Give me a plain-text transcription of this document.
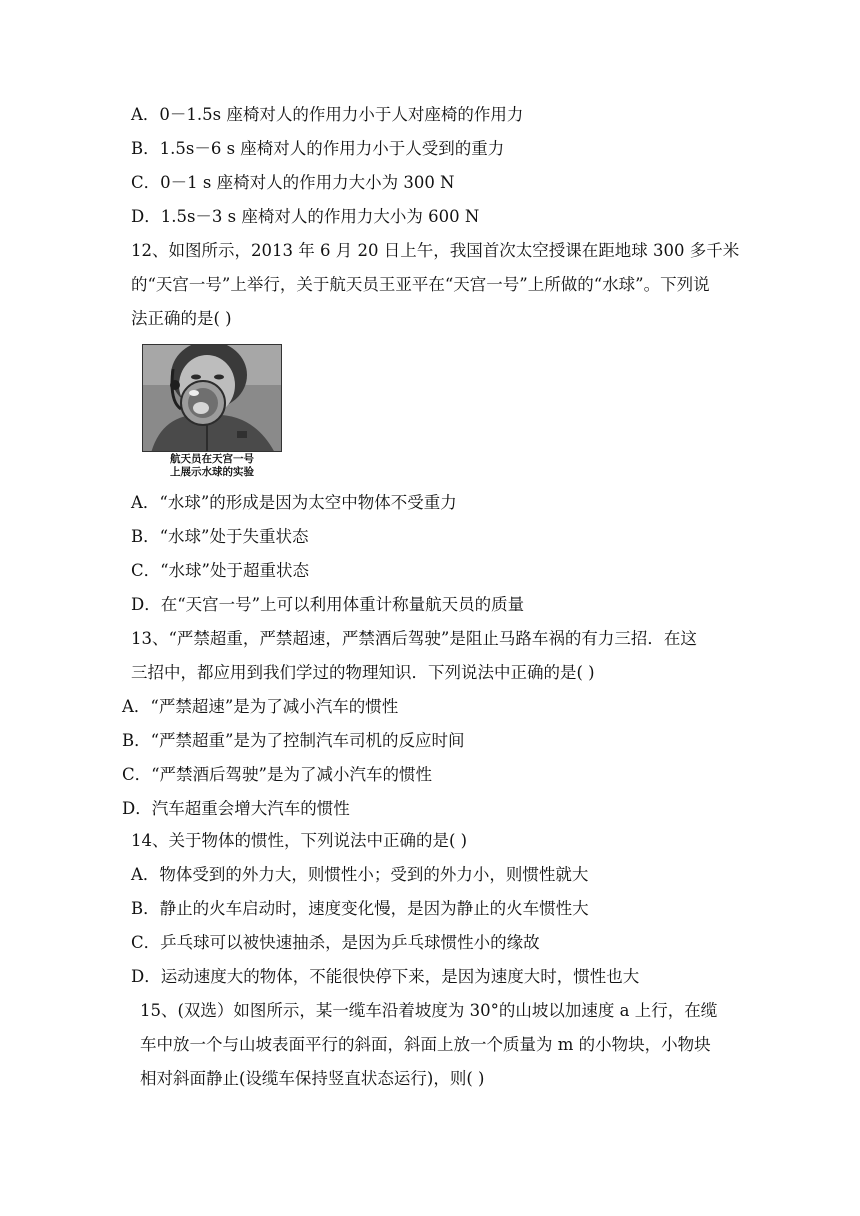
A．0－1.5s 座椅对人的作用力小于人对座椅的作用力
B．1.5s－6 s 座椅对人的作用力小于人受到的重力
C．0－1 s 座椅对人的作用力大小为 300 N
D．1.5s－3 s 座椅对人的作用力大小为 600 N
12、如图所示，2013 年 6 月 20 日上午，我国首次太空授课在距地球 300 多千米
的“天宫一号”上举行，关于航天员王亚平在“天宫一号”上所做的“水球”。下列说
法正确的是( )
航天员在天宫一号
上展示水球的实验
A．“水球”的形成是因为太空中物体不受重力
B．“水球”处于失重状态
C．“水球”处于超重状态
D．在“天宫一号”上可以利用体重计称量航天员的质量
13、“严禁超重，严禁超速，严禁酒后驾驶”是阻止马路车祸的有力三招．在这
三招中，都应用到我们学过的物理知识．下列说法中正确的是( )
A．“严禁超速”是为了减小汽车的惯性
B．“严禁超重”是为了控制汽车司机的反应时间
C．“严禁酒后驾驶”是为了减小汽车的惯性
D．汽车超重会增大汽车的惯性
14、关于物体的惯性，下列说法中正确的是( )
A．物体受到的外力大，则惯性小；受到的外力小，则惯性就大
B．静止的火车启动时，速度变化慢，是因为静止的火车惯性大
C．乒乓球可以被快速抽杀，是因为乒乓球惯性小的缘故
D．运动速度大的物体，不能很快停下来，是因为速度大时，惯性也大
15、(双选）如图所示，某一缆车沿着坡度为 30°的山坡以加速度 a 上行，在缆
车中放一个与山坡表面平行的斜面，斜面上放一个质量为 m 的小物块，小物块
相对斜面静止(设缆车保持竖直状态运行)，则( )
